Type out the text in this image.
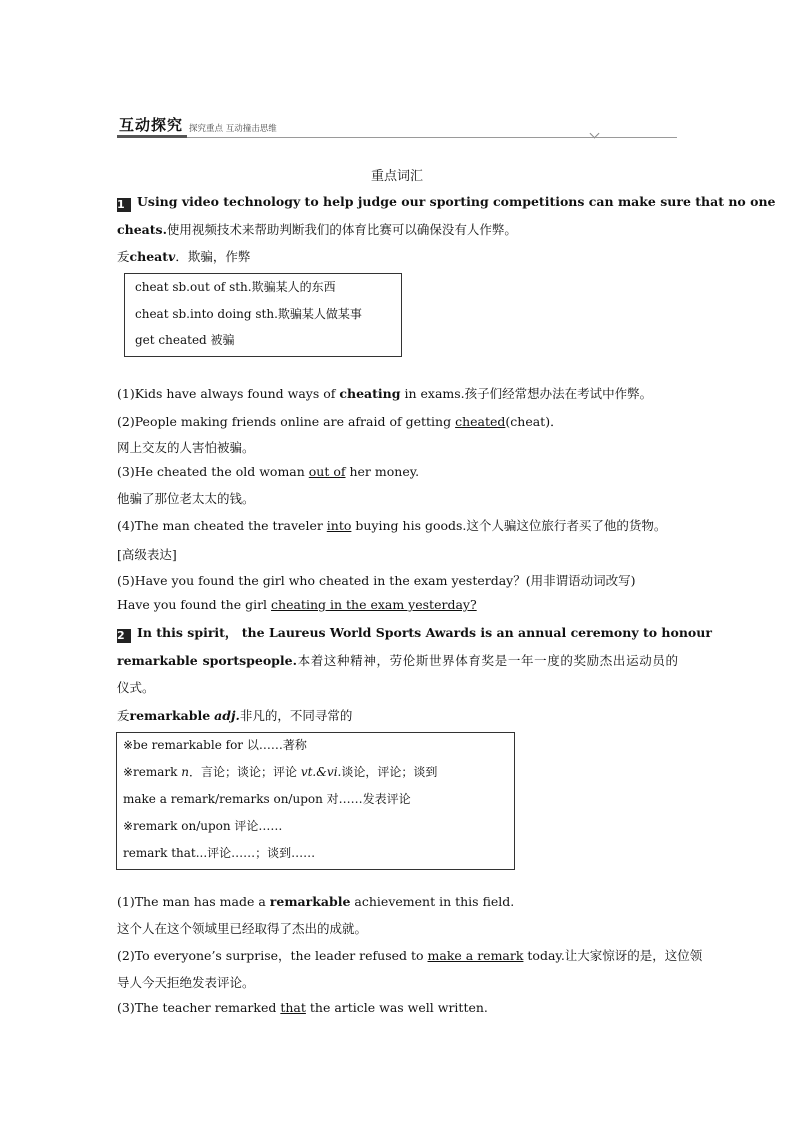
互动探究 探究重点 互动撞击思维
重点词汇
1 Using video technology to help judge our sporting competitions can make sure that no one
cheats.使用视频技术来帮助判断我们的体育比赛可以确保没有人作弊。
叐cheatv．欺骗，作弊
cheat sb.out of sth.欺骗某人的东西
cheat sb.into doing sth.欺骗某人做某事
get cheated 被骗
(1)Kids have always found ways of cheating in exams.孩子们经常想办法在考试中作弊。
(2)People making friends online are afraid of getting cheated(cheat)．
网上交友的人害怕被骗。
(3)He cheated the old woman out of her money.
他骗了那位老太太的钱。
(4)The man cheated the traveler into buying his goods.这个人骗这位旅行者买了他的货物。
[高级表达]
(5)Have you found the girl who cheated in the exam yesterday？(用非谓语动词改写)
Have you found the girl cheating in the exam yesterday?
2 In this spirit， the Laureus World Sports Awards is an annual ceremony to honour
remarkable sportspeople.本着这种精神，劳伦斯世界体育奖是一年一度的奖励杰出运动员的
仪式。
叐remarkable adj.非凡的，不同寻常的
※be remarkable for 以……著称
※remark n．言论；谈论；评论 vt.&vi.谈论，评论；谈到
make a remark/remarks on/upon 对……发表评论
※remark on/upon 评论……
remark that...评论……；谈到……
(1)The man has made a remarkable achievement in this field.
这个人在这个领域里已经取得了杰出的成就。
(2)To everyone’s surprise，the leader refused to make a remark today.让大家惊讶的是，这位领
导人今天拒绝发表评论。
(3)The teacher remarked that the article was well written.
